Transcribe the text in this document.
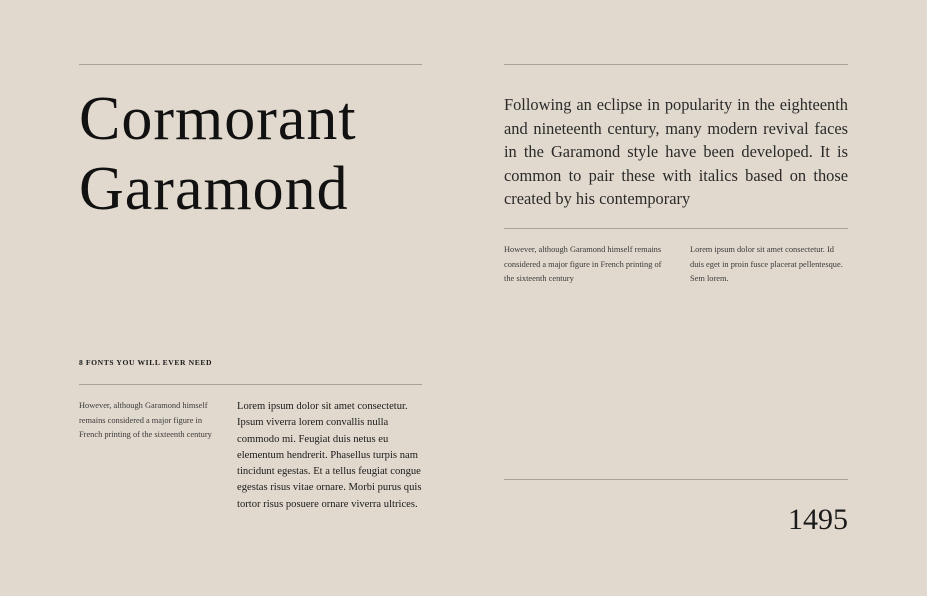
Cormorant
Garamond

Following an eclipse in popularity in the eighteenth and nineteenth century, many modern revival faces in the Garamond style have been developed. It is common to pair these with italics based on those created by his contemporary

However, although Garamond himself remains considered a major figure in French printing of the sixteenth century

Lorem ipsum dolor sit amet consectetur. Id duis eget in proin fusce placerat pellentesque. Sem lorem.

8 FONTS YOU WILL EVER NEED

However, although Garamond himself remains considered a major figure in French printing of the sixteenth century

Lorem ipsum dolor sit amet consectetur. Ipsum viverra lorem convallis nulla commodo mi. Feugiat duis netus eu elementum hendrerit. Phasellus turpis nam tincidunt egestas. Et a tellus feugiat congue egestas risus vitae ornare. Morbi purus quis tortor risus posuere ornare viverra ultrices.	1495
